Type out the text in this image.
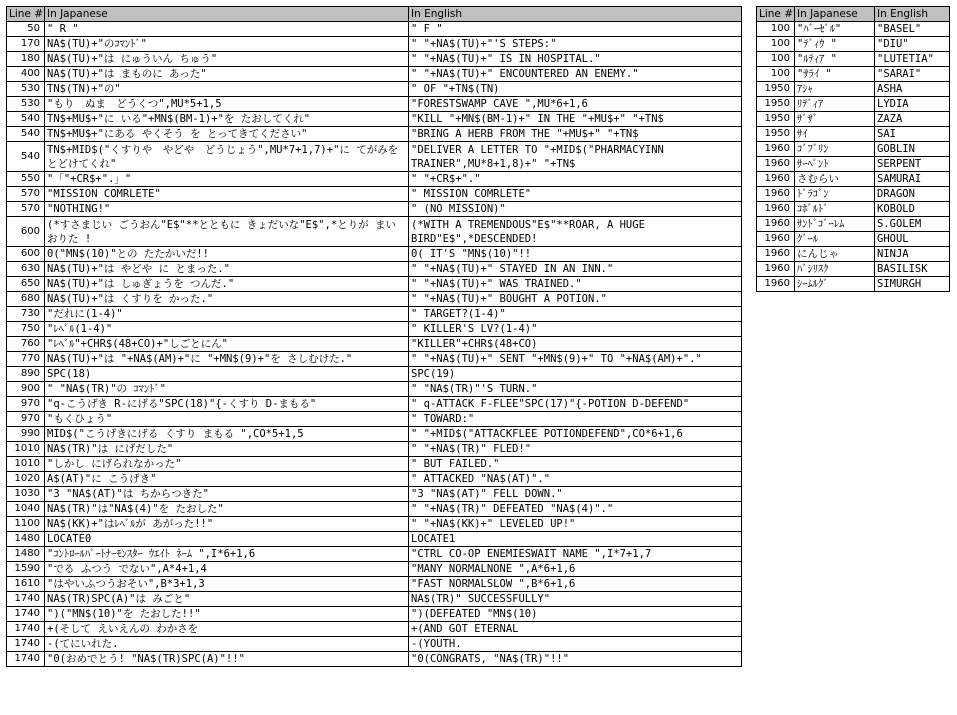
Line #	In Japanese	In English
50	" R "	" F "
170	NA$(TU)+"のｺﾏﾝﾄﾞ"	" "+NA$(TU)+"'S STEPS:"
180	NA$(TU)+"は にゅういん ちゅう"	" "+NA$(TU)+" IS IN HOSPITAL."
400	NA$(TU)+"は まものに あった"	" "+NA$(TU)+" ENCOUNTERED AN ENEMY."
530	TN$(TN)+"の"	" OF "+TN$(TN)
530	"もり　ぬま　どうくつ",MU*5+1,5	"FORESTSWAMP CAVE ",MU*6+1,6
540	TN$+MU$+"に いる"+MN$(BM-1)+"を たおしてくれ"	"KILL "+MN$(BM-1)+" IN THE "+MU$+" "+TN$
540	TN$+MU$+"にある やくそう を とってきてください"	"BRING A HERB FROM THE "+MU$+" "+TN$
540	TN$+MID$("くすりや　やどや　どうじょう",MU*7+1,7)+"に てがみを とどけてくれ"	"DELIVER A LETTER TO "+MID$("PHARMACYINN TRAINER",MU*8+1,8)+" "+TN$
550	"「"+CR$+".」"	" "+CR$+"."
570	"MISSION COMRLETE"	" MISSION COMRLETE"
570	"NOTHING!"	" (NO MISSION)"
600	(*すさまじい ごうおん"E$"**とともに きょだいな"E$",*とりが まいおりた !	(*WITH A TREMENDOUS"E$"**ROAR, A HUGE BIRD"E$",*DESCENDED!
600	0("MN$(10)"との たたかいだ!!	0( IT'S "MN$(10)"!!
630	NA$(TU)+"は やどや に とまった."	" "+NA$(TU)+" STAYED IN AN INN."
650	NA$(TU)+"は しゅぎょうを つんだ."	" "+NA$(TU)+" WAS TRAINED."
680	NA$(TU)+"は くすりを かった."	" "+NA$(TU)+" BOUGHT A POTION."
730	"だれに(1-4)"	" TARGET?(1-4)"
750	"ﾚﾍﾞﾙ(1-4)"	" KILLER'S LV?(1-4)"
760	"ﾚﾍﾞﾙ"+CHR$(48+CO)+"しごとにん"	"KILLER"+CHR$(48+CO)
770	NA$(TU)+"は "+NA$(AM)+"に "+MN$(9)+"を さしむけた."	" "+NA$(TU)+" SENT "+MN$(9)+" TO "+NA$(AM)+"."
890	SPC(18)	SPC(19)
900	" "NA$(TR)"の ｺﾏﾝﾄﾞ"	" "NA$(TR)"'S TURN."
970	"q-こうげき R-にげる"SPC(18)"{-くすり D-まもる"	" q-ATTACK F-FLEE"SPC(17)"{-POTION D-DEFEND"
970	"もくひょう"	" TOWARD:"
990	MID$("こうげきにげる くすり まもる ",CO*5+1,5	" "+MID$("ATTACKFLEE POTIONDEFEND",CO*6+1,6
1010	NA$(TR)"は にげだした"	" "+NA$(TR)" FLED!"
1010	"しかし にげられなかった"	" BUT FAILED."
1020	A$(AT)"に こうげき"	" ATTACKED "NA$(AT)"."
1030	"3 "NA$(AT)"は ちからつきた"	"3 "NA$(AT)" FELL DOWN."
1040	NA$(TR)"は"NA$(4)"を たおした"	" "+NA$(TR)" DEFEATED "NA$(4)"."
1100	NA$(KK)+"はﾚﾍﾞﾙが あがった!!"	" "+NA$(KK)+" LEVELED UP!"
1480	LOCATE0	LOCATE1
1480	"ｺﾝﾄﾛｰﾙﾊﾟｰﾄﾅｰﾓﾝｽﾀｰ ｳｴｲﾄ ﾈｰﾑ ",I*6+1,6	"CTRL CO-OP ENEMIESWAIT NAME ",I*7+1,7
1590	"でる ふつう でない",A*4+1,4	"MANY NORMALNONE ",A*6+1,6
1610	"はやいふつうおそい",B*3+1,3	"FAST NORMALSLOW ",B*6+1,6
1740	NA$(TR)SPC(A)"は みごと"	NA$(TR)" SUCCESSFULLY"
1740	")("MN$(10)"を たおした!!"	")(DEFEATED "MN$(10)
1740	+(そして えいえんの わかさを	+(AND GOT ETERNAL
1740	-(てにいれた.	-(YOUTH.
1740	"0(おめでとう! "NA$(TR)SPC(A)"!!"	"0(CONGRATS, "NA$(TR)"!!"
Line #	In Japanese	In English
100	"ﾊﾞｰｾﾞﾙ"	"BASEL"
100	"ﾃﾞｨｳ "	"DIU"
100	"ﾙﾃｨｱ "	"LUTETIA"
100	"ｻﾗｲ "	"SARAI"
1950	ｱｼｬ	ASHA
1950	ﾘﾃﾞｨｱ	LYDIA
1950	ｻﾞｻﾞ	ZAZA
1950	ｻｲ	SAI
1960	ｺﾞﾌﾞﾘﾝ	GOBLIN
1960	ｻｰﾍﾟﾝﾄ	SERPENT
1960	さむらい	SAMURAI
1960	ﾄﾞﾗｺﾞﾝ	DRAGON
1960	ｺﾎﾞﾙﾄﾞ	KOBOLD
1960	ｻﾝﾄﾞｺﾞｰﾚﾑ	S.GOLEM
1960	ｸﾞｰﾙ	GHOUL
1960	にんじゃ	NINJA
1960	ﾊﾞｼﾘｽｸ	BASILISK
1960	ｼｰﾑﾙｸﾞ	SIMURGH
